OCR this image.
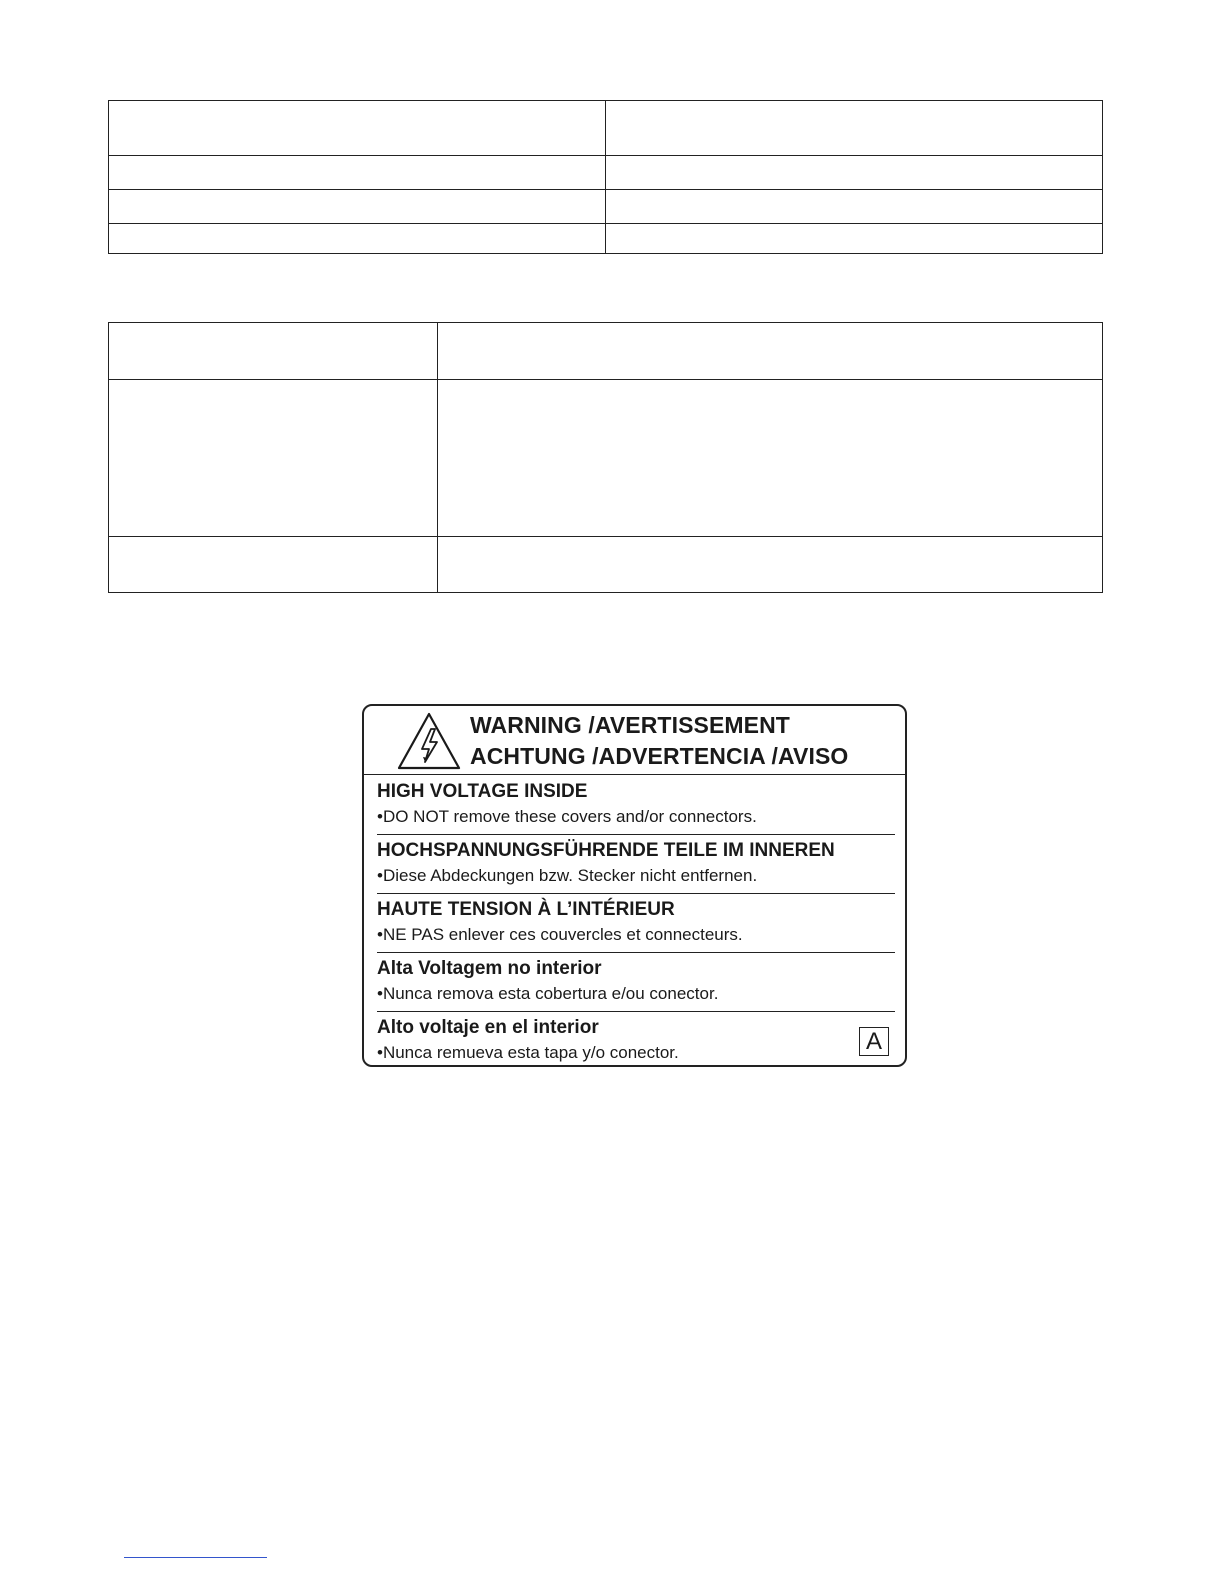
WARNING /AVERTISSEMENT
ACHTUNG /ADVERTENCIA /AVISO
HIGH VOLTAGE INSIDE
•DO NOT remove these covers and/or connectors.
HOCHSPANNUNGSFÜHRENDE TEILE IM INNEREN
•Diese Abdeckungen bzw. Stecker nicht entfernen.
HAUTE TENSION À L’INTÉRIEUR
•NE PAS enlever ces couvercles et connecteurs.
Alta Voltagem no interior
•Nunca remova esta cobertura e/ou conector.
Alto voltaje en el interior
•Nunca remueva esta tapa y/o conector.	A
